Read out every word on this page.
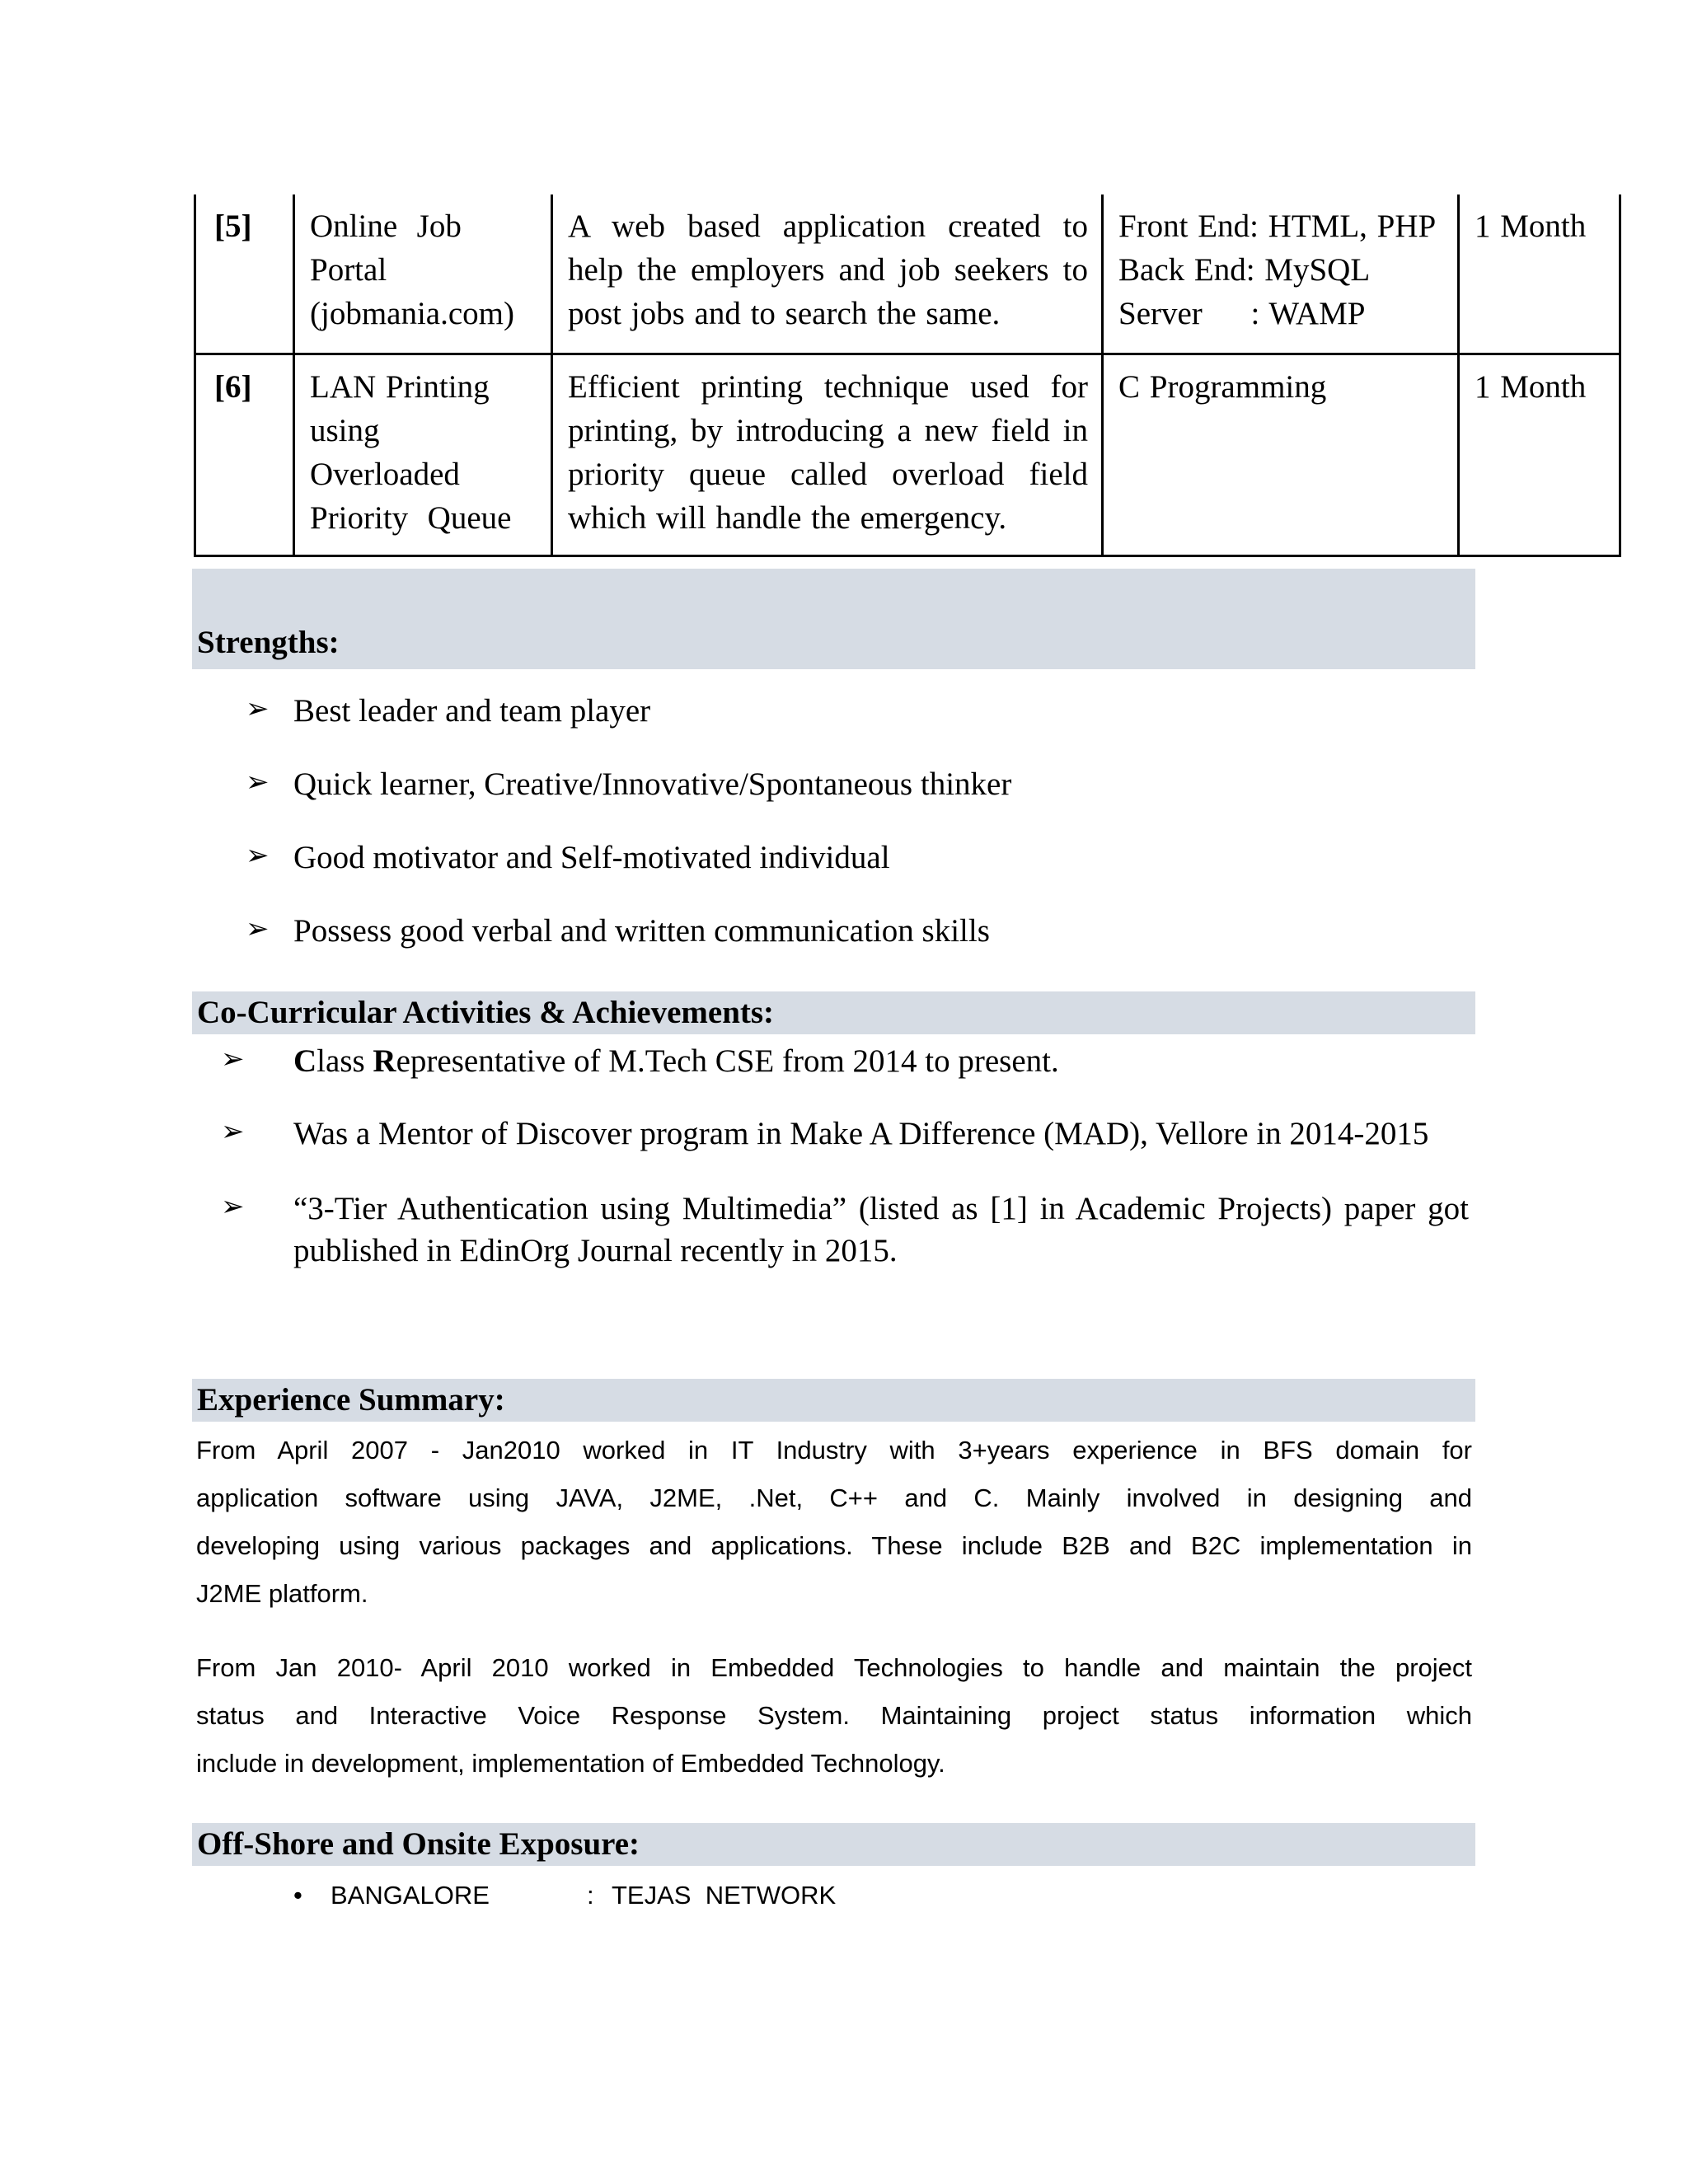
[5]	Online  Job
Portal
(jobmania.com)	A web based application created to
help the employers and job seekers to
post jobs and to search the same.	Front End: HTML, PHP
Back End: MySQL
Server     : WAMP	1 Month
[6]	LAN Printing
using
Overloaded
Priority  Queue	Efficient printing technique used for
printing, by introducing a new field in
priority queue called overload field
which will handle the emergency.	C Programming	1 Month
Strengths:
➢ Best leader and team player
➢ Quick learner, Creative/Innovative/Spontaneous thinker
➢ Good motivator and Self-motivated individual
➢ Possess good verbal and written communication skills
Co-Curricular Activities & Achievements:
➢ Class Representative of M.Tech CSE from 2014 to present.
➢ Was a Mentor of Discover program in Make A Difference (MAD), Vellore in 2014-2015
➢ “3-Tier Authentication using Multimedia” (listed as [1] in Academic Projects) paper got
published in EdinOrg Journal recently in 2015.
Experience Summary:
From April 2007 - Jan2010 worked in IT Industry with 3+years experience in BFS domain for
application software using JAVA, J2ME, .Net, C++ and C. Mainly involved in designing and
developing using various packages and applications. These include B2B and B2C implementation in
J2ME platform.
From Jan 2010- April 2010 worked in Embedded Technologies to handle and maintain the project
status and Interactive Voice Response System. Maintaining project status information which
include in development, implementation of Embedded Technology.
Off-Shore and Onsite Exposure:
• BANGALORE	: TEJAS  NETWORK
